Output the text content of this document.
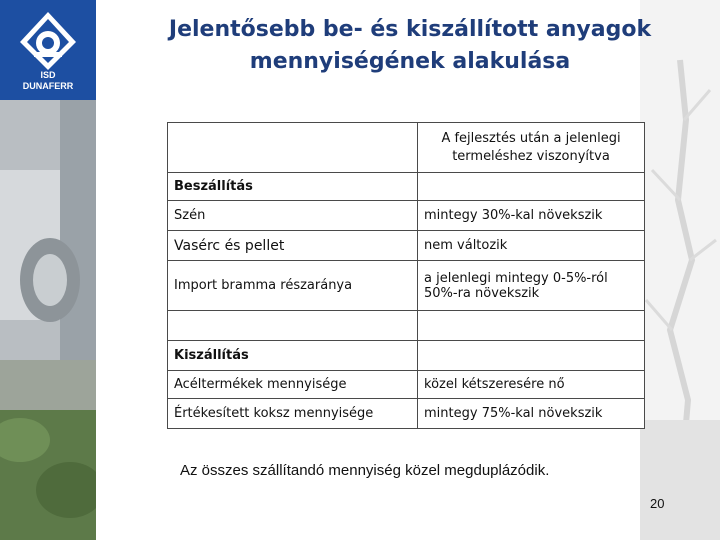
ISD
DUNAFERR
Jelentősebb be- és kiszállított anyagok
mennyiségének alakulása
	A fejlesztés után a jelenlegi termeléshez viszonyítva
Beszállítás	
Szén	mintegy 30%-kal növekszik
Vasérc és pellet	nem változik
Import bramma részaránya	a jelenlegi mintegy 0-5%-ról 50%-ra növekszik

Kiszállítás	
Acéltermékek mennyisége	közel kétszeresére nő
Értékesített koksz mennyisége	mintegy 75%-kal növekszik
Az összes szállítandó mennyiség közel megduplázódik.
20
